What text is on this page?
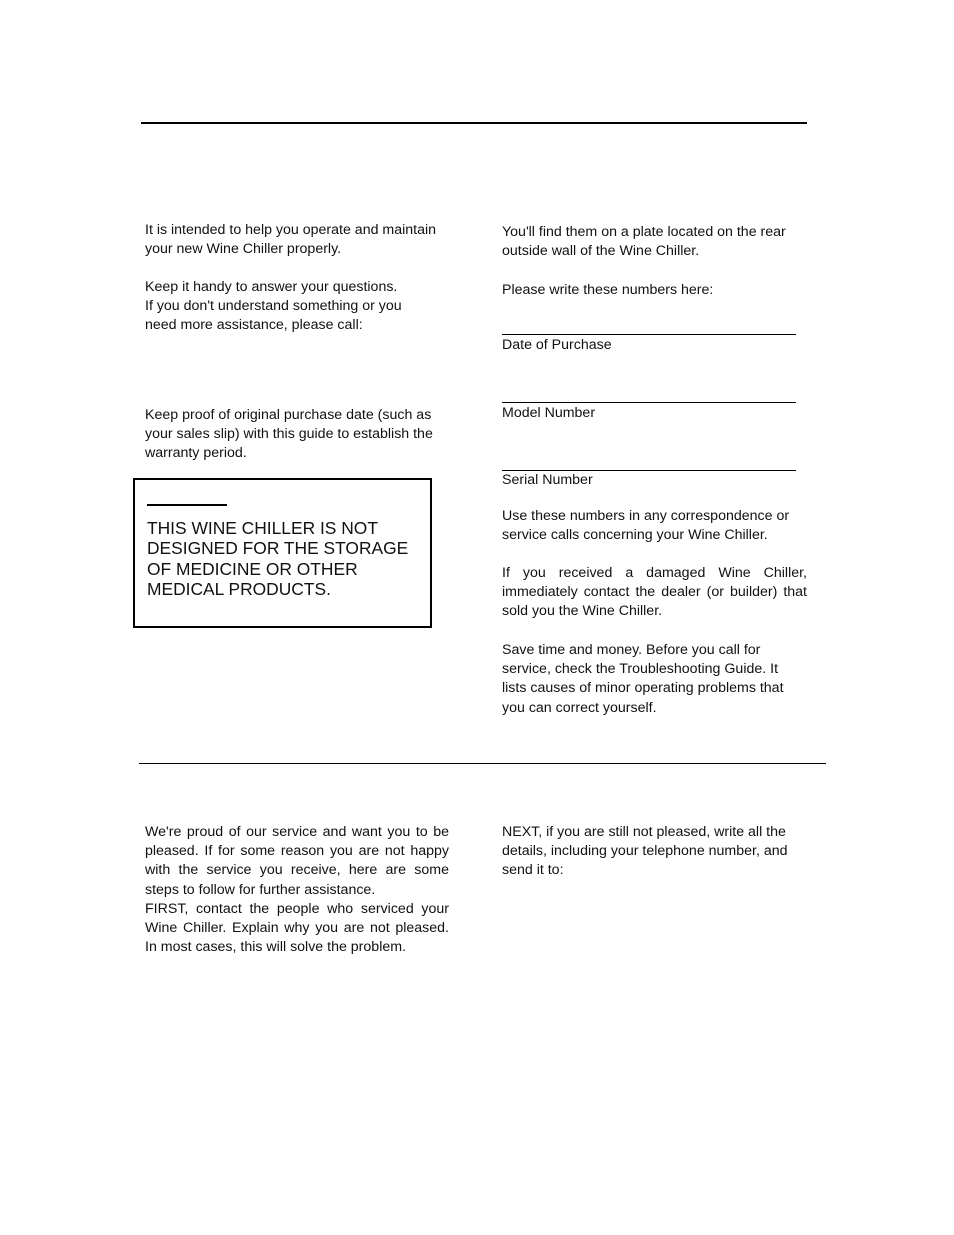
It is intended to help you operate and maintain
your new Wine Chiller properly.

Keep it handy to answer your questions.
If you don't understand something or you
need more assistance, please call:

Keep proof of original purchase date (such as
your sales slip) with this guide to establish the
warranty period.

THIS WINE CHILLER IS NOT
DESIGNED FOR THE STORAGE
OF MEDICINE OR OTHER
MEDICAL PRODUCTS.

You'll find them on a plate located on the rear
outside wall of the Wine Chiller.

Please write these numbers here:

Date of Purchase

Model Number

Serial Number

Use these numbers in any correspondence or
service calls concerning your Wine Chiller.

If you received a damaged Wine Chiller,
immediately contact the dealer (or builder) that
sold you the Wine Chiller.

Save time and money. Before you call for
service, check the Troubleshooting Guide. It
lists causes of minor operating problems that
you can correct yourself.

We're proud of our service and want you to be
pleased. If for some reason you are not happy
with the service you receive, here are some
steps to follow for further assistance.
FIRST, contact the people who serviced your
Wine Chiller. Explain why you are not pleased.
In most cases, this will solve the problem.

NEXT, if you are still not pleased, write all the
details, including your telephone number, and
send it to:
